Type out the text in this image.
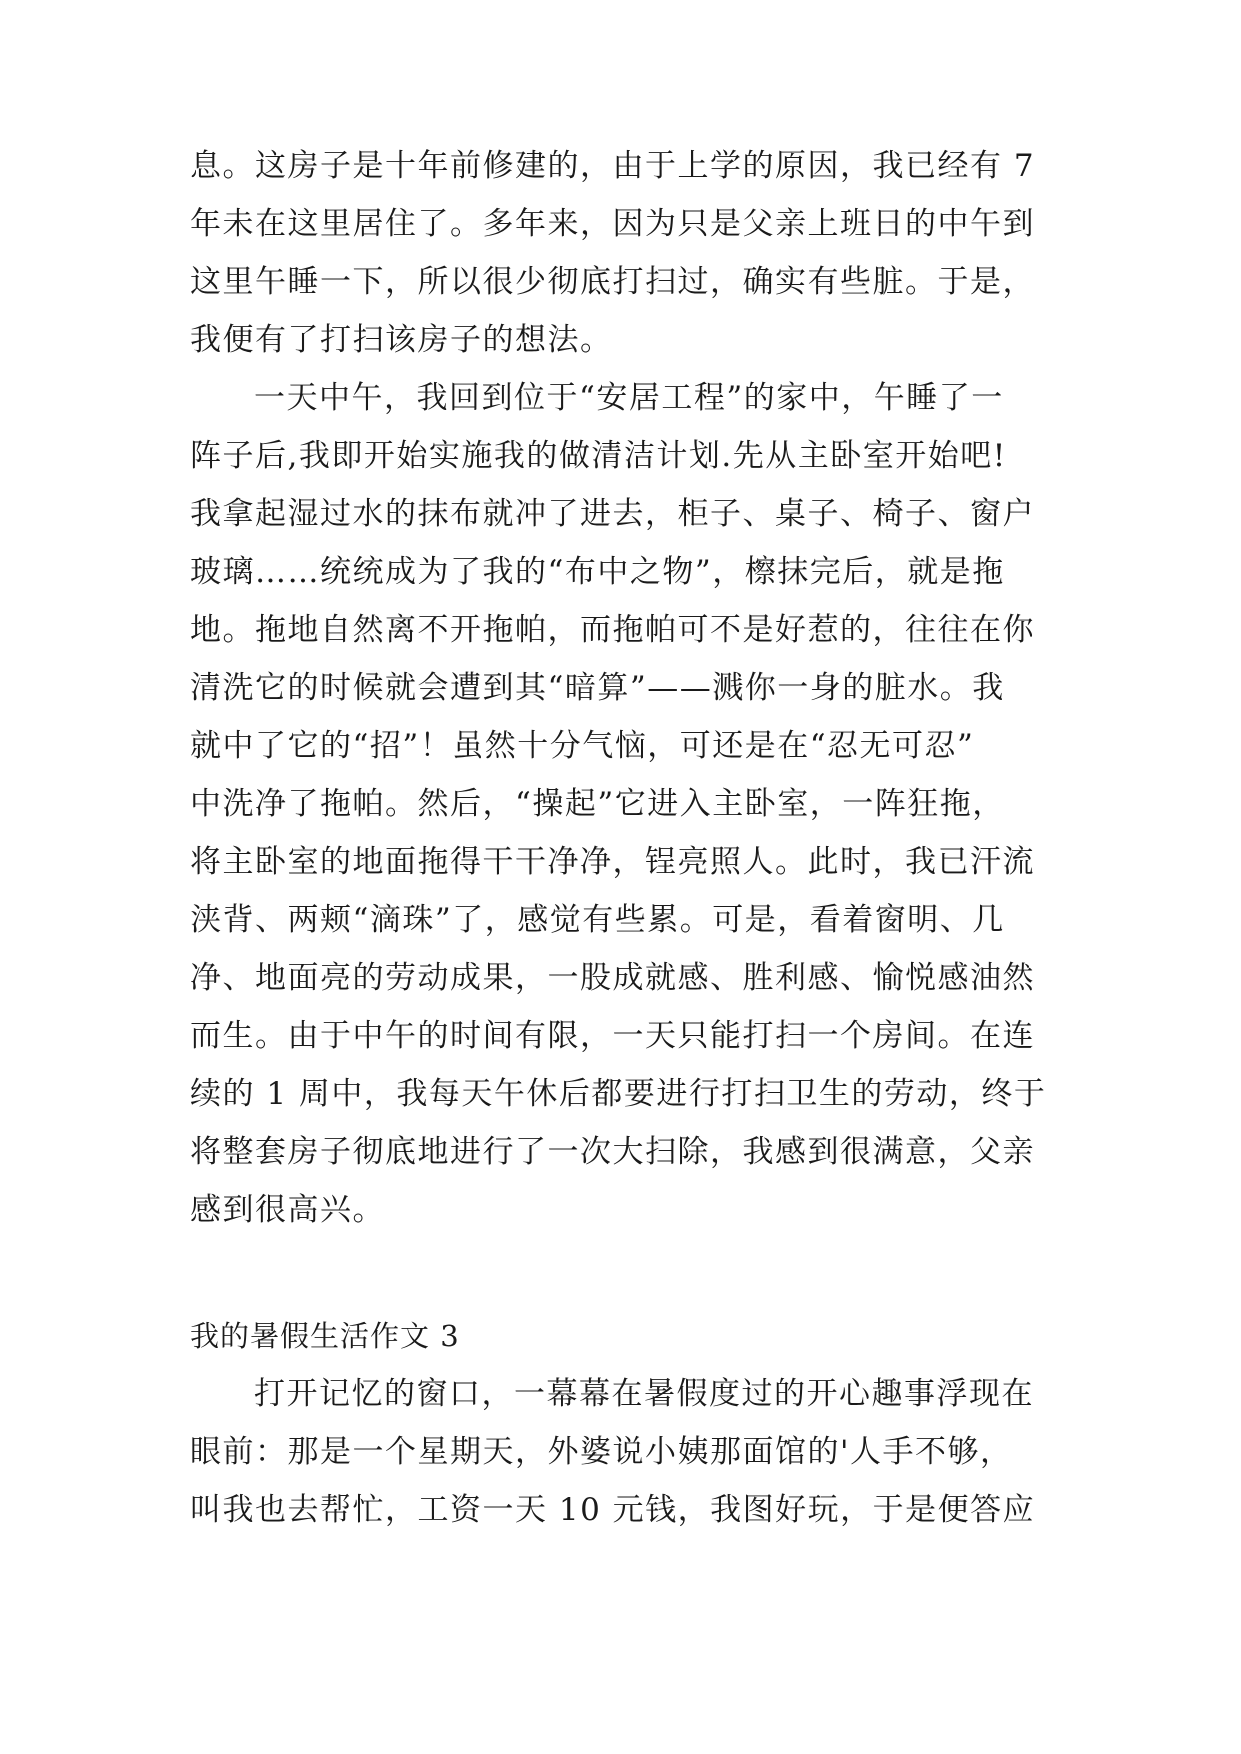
息。这房子是十年前修建的，由于上学的原因，我已经有 7
年未在这里居住了。多年来，因为只是父亲上班日的中午到
这里午睡一下，所以很少彻底打扫过，确实有些脏。于是，
我便有了打扫该房子的想法。
一天中午，我回到位于“安居工程”的家中，午睡了一
阵子后,我即开始实施我的做清洁计划.先从主卧室开始吧!
我拿起湿过水的抹布就冲了进去，柜子、桌子、椅子、窗户
玻璃……统统成为了我的“布中之物”，檫抹完后，就是拖
地。拖地自然离不开拖帕，而拖帕可不是好惹的，往往在你
清洗它的时候就会遭到其“暗算”——溅你一身的脏水。我
就中了它的“招”！虽然十分气恼，可还是在“忍无可忍”
中洗净了拖帕。然后，“操起”它进入主卧室，一阵狂拖，
将主卧室的地面拖得干干净净，锃亮照人。此时，我已汗流
浃背、两颊“滴珠”了，感觉有些累。可是，看着窗明、几
净、地面亮的劳动成果，一股成就感、胜利感、愉悦感油然
而生。由于中午的时间有限，一天只能打扫一个房间。在连
续的 1 周中，我每天午休后都要进行打扫卫生的劳动，终于
将整套房子彻底地进行了一次大扫除，我感到很满意，父亲
感到很高兴。
我的暑假生活作文 3
打开记忆的窗口，一幕幕在暑假度过的开心趣事浮现在
眼前：那是一个星期天，外婆说小姨那面馆的'人手不够，
叫我也去帮忙，工资一天 10 元钱，我图好玩，于是便答应
